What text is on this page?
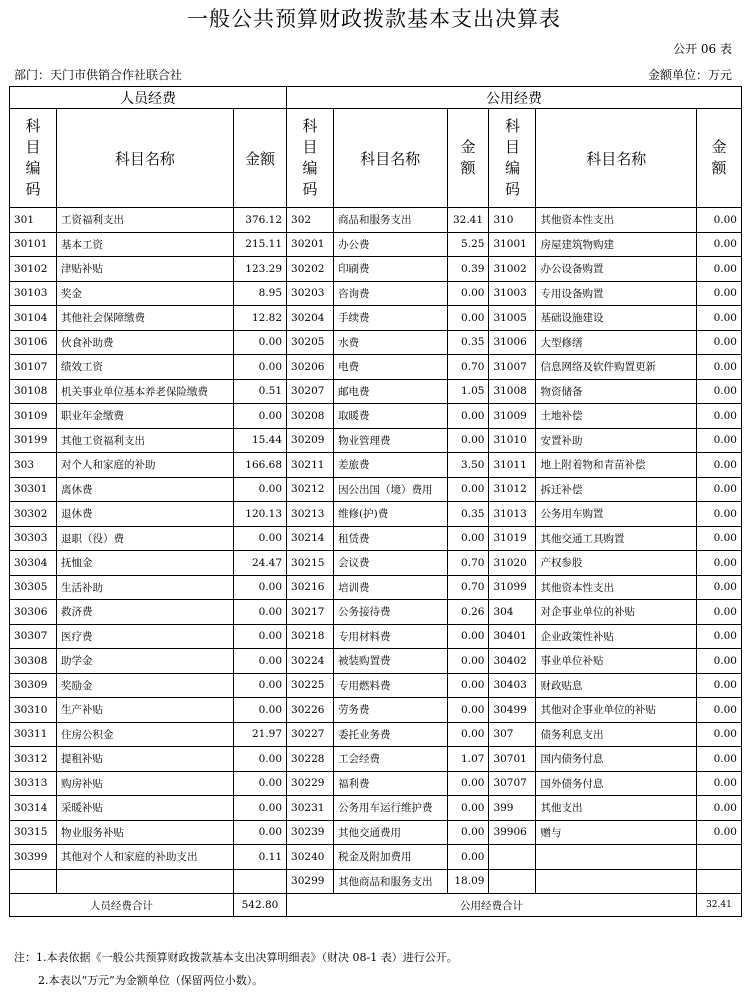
一般公共预算财政拨款基本支出决算表
公开 06 表
部门：天门市供销合作社联合社	金额单位：万元
人员经费			公用经费					
科
目
编
码	科目名称	金额	科
目
编
码	科目名称	金
额	科
目
编
码	科目名称	金
额
301	工资福利支出	376.12	302	商品和服务支出	32.41	310	其他资本性支出	0.00
30101	基本工资	215.11	30201	办公费	5.25	31001	房屋建筑物购建	0.00
30102	津贴补贴	123.29	30202	印刷费	0.39	31002	办公设备购置	0.00
30103	奖金	8.95	30203	咨询费	0.00	31003	专用设备购置	0.00
30104	其他社会保障缴费	12.82	30204	手续费	0.00	31005	基础设施建设	0.00
30106	伙食补助费	0.00	30205	水费	0.35	31006	大型修缮	0.00
30107	绩效工资	0.00	30206	电费	0.70	31007	信息网络及软件购置更新	0.00
30108	机关事业单位基本养老保险缴费	0.51	30207	邮电费	1.05	31008	物资储备	0.00
30109	职业年金缴费	0.00	30208	取暖费	0.00	31009	土地补偿	0.00
30199	其他工资福利支出	15.44	30209	物业管理费	0.00	31010	安置补助	0.00
303	对个人和家庭的补助	166.68	30211	差旅费	3.50	31011	地上附着物和青苗补偿	0.00
30301	离休费	0.00	30212	因公出国（境）费用	0.00	31012	拆迁补偿	0.00
30302	退休费	120.13	30213	维修(护)费	0.35	31013	公务用车购置	0.00
30303	退职（役）费	0.00	30214	租赁费	0.00	31019	其他交通工具购置	0.00
30304	抚恤金	24.47	30215	会议费	0.70	31020	产权参股	0.00
30305	生活补助	0.00	30216	培训费	0.70	31099	其他资本性支出	0.00
30306	救济费	0.00	30217	公务接待费	0.26	304	对企事业单位的补贴	0.00
30307	医疗费	0.00	30218	专用材料费	0.00	30401	企业政策性补贴	0.00
30308	助学金	0.00	30224	被装购置费	0.00	30402	事业单位补贴	0.00
30309	奖励金	0.00	30225	专用燃料费	0.00	30403	财政贴息	0.00
30310	生产补贴	0.00	30226	劳务费	0.00	30499	其他对企事业单位的补贴	0.00
30311	住房公积金	21.97	30227	委托业务费	0.00	307	债务利息支出	0.00
30312	提租补贴	0.00	30228	工会经费	1.07	30701	国内债务付息	0.00
30313	购房补贴	0.00	30229	福利费	0.00	30707	国外债务付息	0.00
30314	采暖补贴	0.00	30231	公务用车运行维护费	0.00	399	其他支出	0.00
30315	物业服务补贴	0.00	30239	其他交通费用	0.00	39906	赠与	0.00
30399	其他对个人和家庭的补助支出	0.11	30240	税金及附加费用	0.00			
			30299	其他商品和服务支出	18.09			
人员经费合计		542.80	公用经费合计					32.41
注：1.本表依据《一般公共预算财政拨款基本支出决算明细表》（财决 08-1 表）进行公开。
2.本表以“万元”为金额单位（保留两位小数）。
